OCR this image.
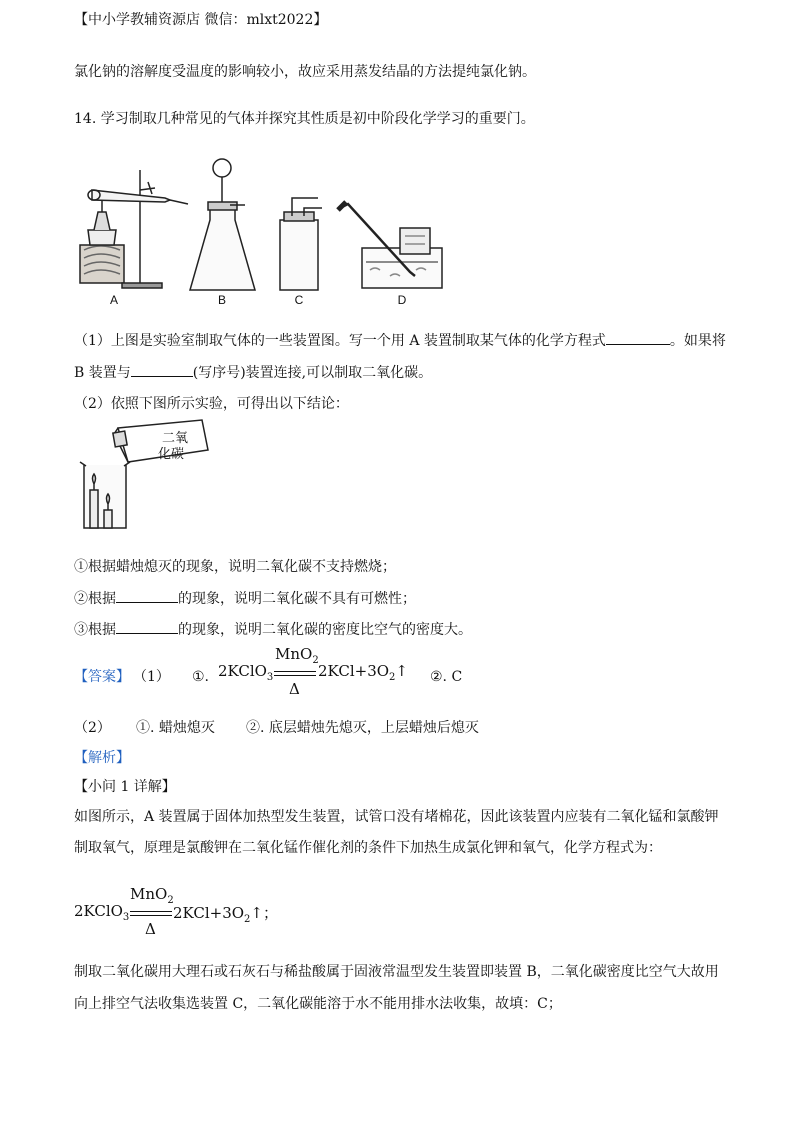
【中小学教辅资源店 微信：mlxt2022】
氯化钠的溶解度受温度的影响较小，故应采用蒸发结晶的方法提纯氯化钠。
14. 学习制取几种常见的气体并探究其性质是初中阶段化学学习的重要门。
A	B	C	D
（1）上图是实验室制取气体的一些装置图。写一个用 A 装置制取某气体的化学方程式	。如果将
B 装置与	(写序号)装置连接,可以制取二氧化碳。
（2）依照下图所示实验，可得出以下结论：
二氧
化碳
①根据蜡烛熄灭的现象，说明二氧化碳不支持燃烧；
②根据	的现象，说明二氧化碳不具有可燃性；
③根据	的现象，说明二氧化碳的密度比空气的密度大。
【答案】 （1） ①. 2KClO$_3$
MnO$_2$
Δ
$2KCl+3O_2↑$ ②. C
（2） ①. 蜡烛熄灭 ②. 底层蜡烛先熄灭，上层蜡烛后熄灭
【解析】
【小问 1 详解】
如图所示，A 装置属于固体加热型发生装置，试管口没有堵棉花，因此该装置内应装有二氧化锰和氯酸钾
制取氧气，原理是氯酸钾在二氧化锰作催化剂的条件下加热生成氯化钾和氧气，化学方程式为：
2KClO$_3$
MnO$_2$
Δ
$2KCl+3O_2↑$；
制取二氧化碳用大理石或石灰石与稀盐酸属于固液常温型发生装置即装置 B，二氧化碳密度比空气大故用
向上排空气法收集选装置 C，二氧化碳能溶于水不能用排水法收集，故填：C；
